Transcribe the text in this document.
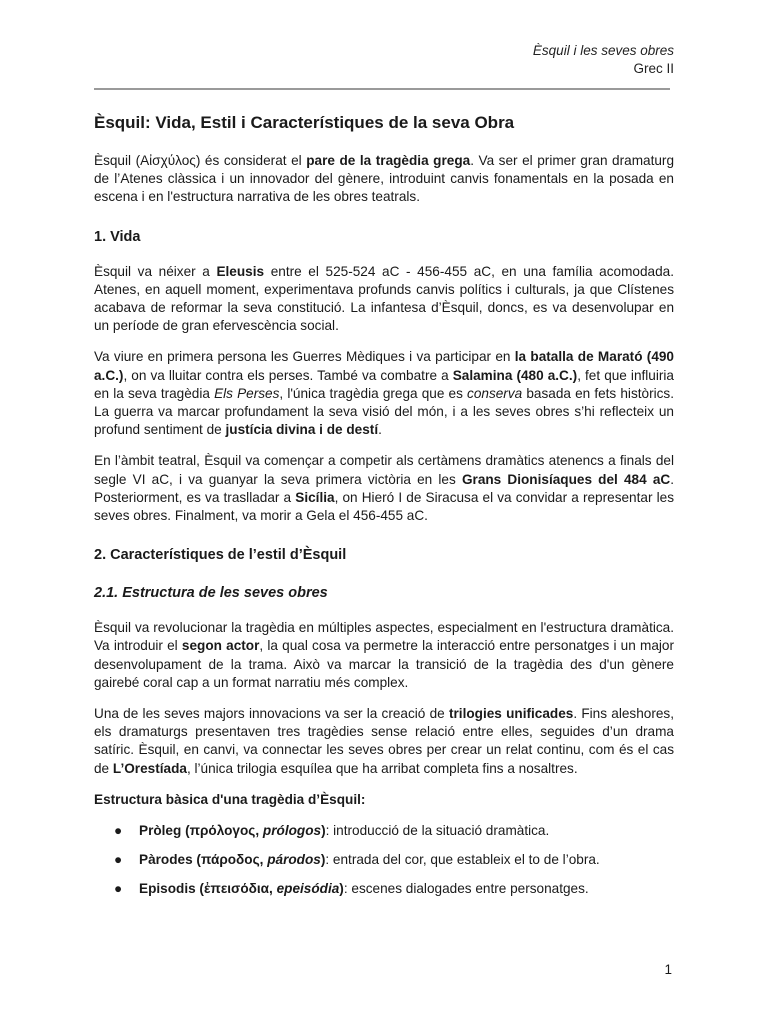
Èsquil i les seves obres
Grec II
Èsquil: Vida, Estil i Característiques de la seva Obra

Èsquil (Αἰσχύλος) és considerat el pare de la tragèdia grega. Va ser el primer gran dramaturg de l’Atenes clàssica i un innovador del gènere, introduint canvis fonamentals en la posada en escena i en l'estructura narrativa de les obres teatrals.

1. Vida

Èsquil va néixer a Eleusis entre el 525-524 aC - 456-455 aC, en una família acomodada. Atenes, en aquell moment, experimentava profunds canvis polítics i culturals, ja que Clístenes acabava de reformar la seva constitució. La infantesa d’Èsquil, doncs, es va desenvolupar en un període de gran efervescència social.

Va viure en primera persona les Guerres Mèdiques i va participar en la batalla de Marató (490 a.C.), on va lluitar contra els perses. També va combatre a Salamina (480 a.C.), fet que influiria en la seva tragèdia Els Perses, l'única tragèdia grega que es conserva basada en fets històrics. La guerra va marcar profundament la seva visió del món, i a les seves obres s’hi reflecteix un profund sentiment de justícia divina i de destí.

En l’àmbit teatral, Èsquil va començar a competir als certàmens dramàtics atenencs a finals del segle VI aC, i va guanyar la seva primera victòria en les Grans Dionisíaques del 484 aC. Posteriorment, es va traslladar a Sicília, on Hieró I de Siracusa el va convidar a representar les seves obres. Finalment, va morir a Gela el 456-455 aC.

2. Característiques de l’estil d’Èsquil
2.1. Estructura de les seves obres

Èsquil va revolucionar la tragèdia en múltiples aspectes, especialment en l'estructura dramàtica. Va introduir el segon actor, la qual cosa va permetre la interacció entre personatges i un major desenvolupament de la trama. Això va marcar la transició de la tragèdia des d'un gènere gairebé coral cap a un format narratiu més complex.

Una de les seves majors innovacions va ser la creació de trilogies unificades. Fins aleshores, els dramaturgs presentaven tres tragèdies sense relació entre elles, seguides d’un drama satíric. Èsquil, en canvi, va connectar les seves obres per crear un relat continu, com és el cas de L’Orestíada, l’única trilogia esquílea que ha arribat completa fins a nosaltres.

Estructura bàsica d'una tragèdia d’Èsquil:
● Pròleg (πρόλογος, prólogos): introducció de la situació dramàtica.
● Pàrodes (πάροδος, párodos): entrada del cor, que estableix el to de l’obra.
● Episodis (ἐπεισόδια, epeisódia): escenes dialogades entre personatges.
1
